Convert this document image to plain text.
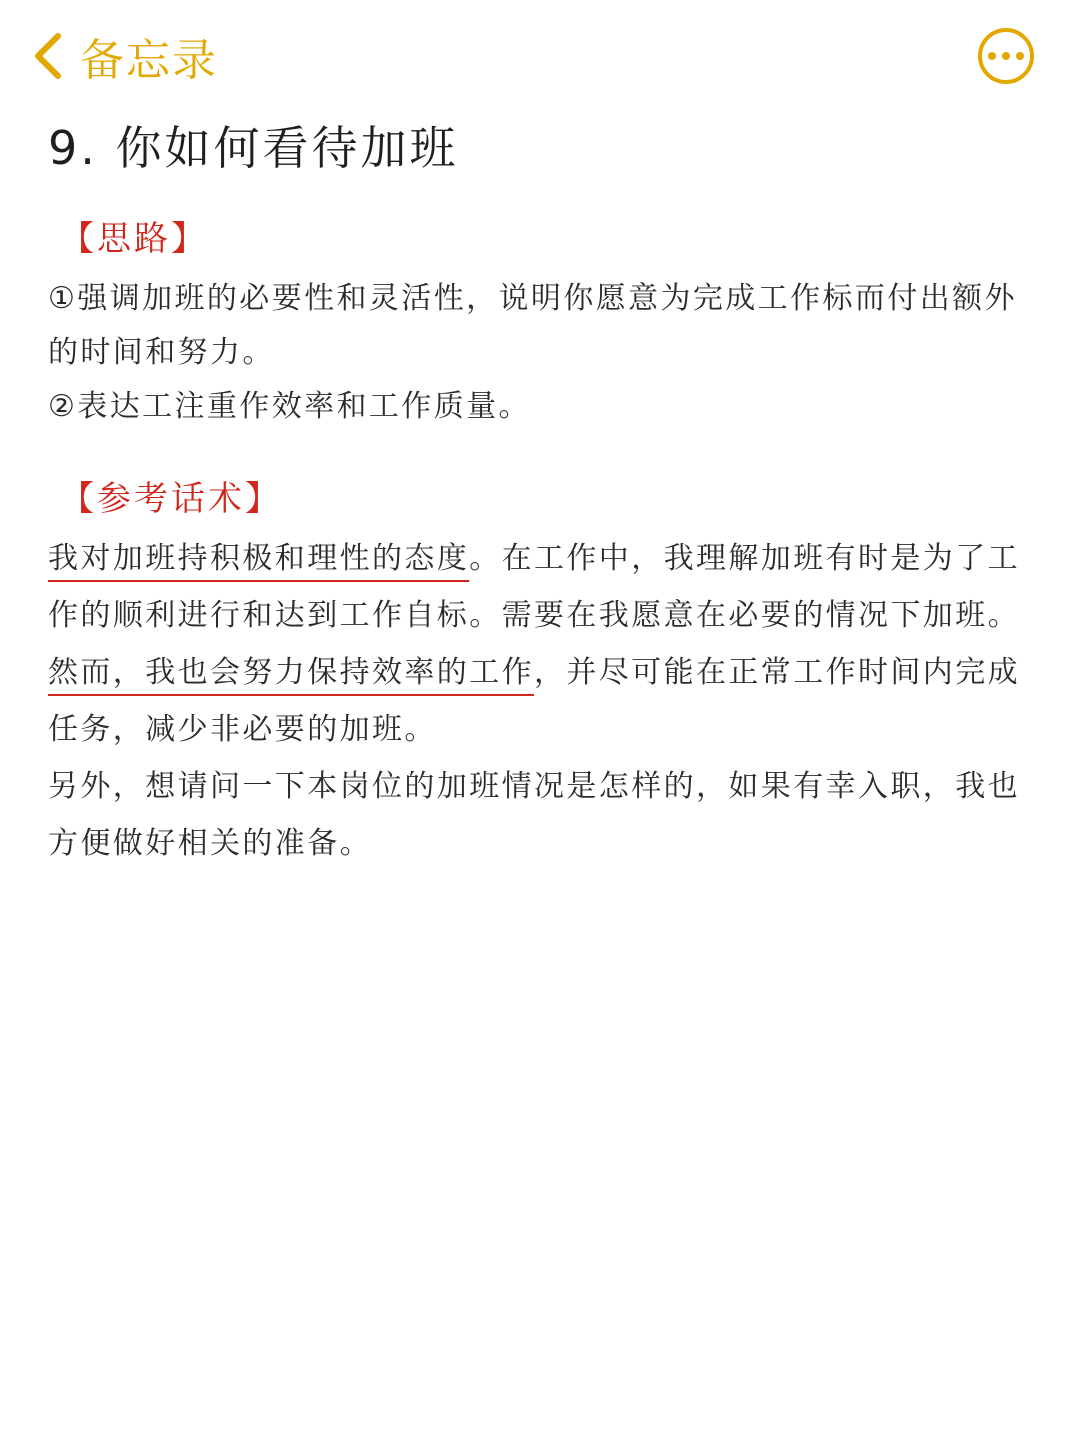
备忘录
9. 你如何看待加班
【思路】

①强调加班的必要性和灵活性，说明你愿意为完成工作标而付出额外的时间和努力。

②表达工注重作效率和工作质量。

【参考话术】

我对加班持积极和理性的态度。在工作中，我理解加班有时是为了工作的顺利进行和达到工作自标。需要在我愿意在必要的情况下加班。然而，我也会努力保持效率的工作，并尽可能在正常工作时间内完成任务，减少非必要的加班。

另外，想请问一下本岗位的加班情况是怎样的，如果有幸入职，我也方便做好相关的准备。
